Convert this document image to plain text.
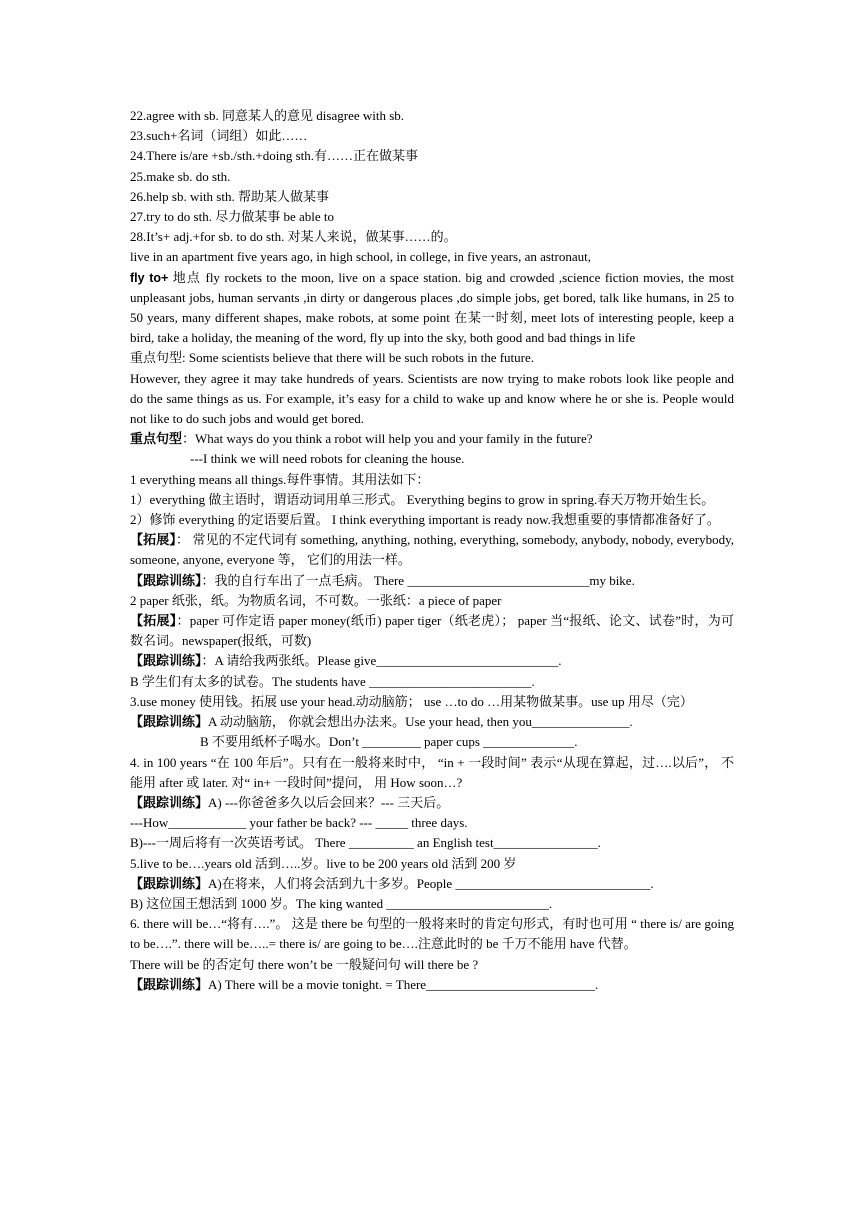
22.agree with sb. 同意某人的意见 disagree with sb.
23.such+名词（词组）如此……
24.There is/are +sb./sth.+doing sth.有……正在做某事
25.make sb. do sth.
26.help sb. with sth. 帮助某人做某事
27.try to do sth. 尽力做某事 be able to
28.It’s+ adj.+for sb. to do sth. 对某人来说，做某事……的。
live in an apartment five years ago, in high school, in college, in five years, an astronaut,
fly to+ 地点 fly rockets to the moon, live on a space station. big and crowded ,science fiction movies, the most unpleasant jobs, human servants ,in dirty or dangerous places ,do simple jobs, get bored, talk like humans, in 25 to 50 years, many different shapes, make robots, at some point 在某一时刻, meet lots of interesting people, keep a bird, take a holiday, the meaning of the word, fly up into the sky, both good and bad things in life
重点句型: Some scientists believe that there will be such robots in the future.
However, they agree it may take hundreds of years. Scientists are now trying to make robots look like people and do the same things as us. For example, it’s easy for a child to wake up and know where he or she is. People would not like to do such jobs and would get bored.
重点句型：What ways do you think a robot will help you and your family in the future?
---I think we will need robots for cleaning the house.
1 everything means all things.每件事情。其用法如下：
1）everything 做主语时，谓语动词用单三形式。 Everything begins to grow in spring.春天万物开始生长。
2）修饰 everything 的定语要后置。 I think everything important is ready now.我想重要的事情都准备好了。
【拓展】： 常见的不定代词有 something, anything, nothing, everything, somebody, anybody, nobody, everybody, someone, anyone, everyone 等， 它们的用法一样。
【跟踪训练】：我的自行车出了一点毛病。 There ____________________________my bike.
2 paper 纸张，纸。为物质名词，不可数。一张纸：a piece of paper
【拓展】：paper 可作定语 paper money(纸币) paper tiger（纸老虎）； paper 当“报纸、论文、试卷”时，为可数名词。newspaper(报纸，可数)
【跟踪训练】：A 请给我两张纸。Please give____________________________.
B 学生们有太多的试卷。The students have _________________________.
3.use money 使用钱。拓展 use your head.动动脑筋； use …to do …用某物做某事。use up 用尽（完）
【跟踪训练】A 动动脑筋， 你就会想出办法来。Use your head, then you_______________.
B 不要用纸杯子喝水。Don’t _________ paper cups ______________.
4. in 100 years “在 100 年后”。只有在一般将来时中， “in + 一段时间” 表示“从现在算起，过….以后”， 不能用 after 或 later. 对“ in+ 一段时间”提问， 用 How soon…?
【跟踪训练】A) ---你爸爸多久以后会回来？--- 三天后。
---How____________ your father be back? --- _____ three days.
B)---一周后将有一次英语考试。 There __________ an English test________________.
5.live to be….years old 活到…..岁。live to be 200 years old 活到 200 岁
【跟踪训练】A)在将来，人们将会活到九十多岁。People ______________________________.
B) 这位国王想活到 1000 岁。The king wanted _________________________.
6. there will be…“将有….”。 这是 there be 句型的一般将来时的肯定句形式，有时也可用 “ there is/ are going to be….”. there will be…..= there is/ are going to be….注意此时的 be 千万不能用 have 代替。
There will be 的否定句 there won’t be 一般疑问句 will there be ?
【跟踪训练】A) There will be a movie tonight. = There__________________________.
